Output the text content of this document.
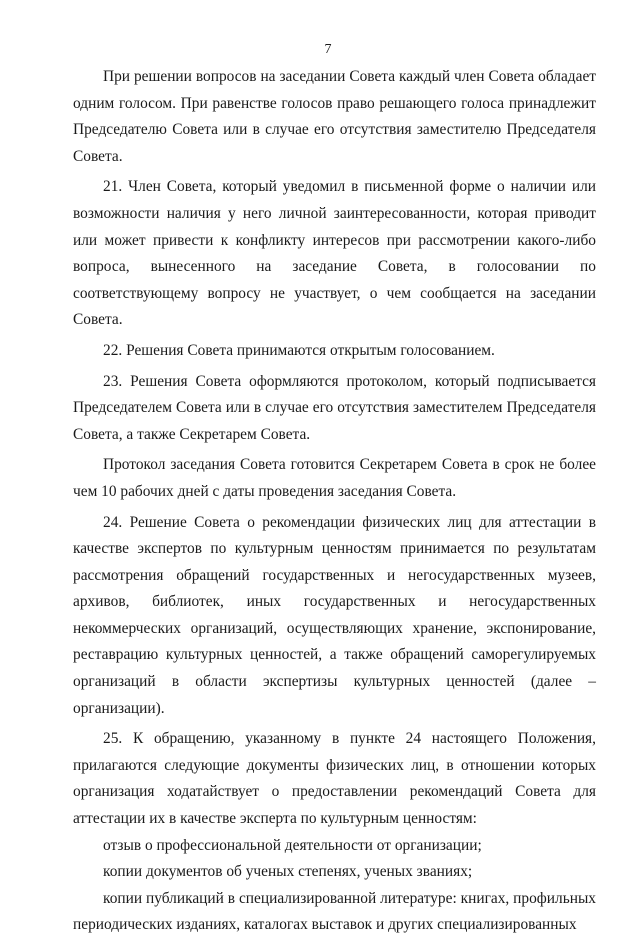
7

При решении вопросов на заседании Совета каждый член Совета обладает одним голосом. При равенстве голосов право решающего голоса принадлежит Председателю Совета или в случае его отсутствия заместителю Председателя Совета.

21. Член Совета, который уведомил в письменной форме о наличии или возможности наличия у него личной заинтересованности, которая приводит или может привести к конфликту интересов при рассмотрении какого-либо вопроса, вынесенного на заседание Совета, в голосовании по соответствующему вопросу не участвует, о чем сообщается на заседании Совета.

22. Решения Совета принимаются открытым голосованием.

23. Решения Совета оформляются протоколом, который подписывается Председателем Совета или в случае его отсутствия заместителем Председателя Совета, а также Секретарем Совета.

Протокол заседания Совета готовится Секретарем Совета в срок не более чем 10 рабочих дней с даты проведения заседания Совета.

24. Решение Совета о рекомендации физических лиц для аттестации в качестве экспертов по культурным ценностям принимается по результатам рассмотрения обращений государственных и негосударственных музеев, архивов, библиотек, иных государственных и негосударственных некоммерческих организаций, осуществляющих хранение, экспонирование, реставрацию культурных ценностей, а также обращений саморегулируемых организаций в области экспертизы культурных ценностей (далее – организации).

25. К обращению, указанному в пункте 24 настоящего Положения, прилагаются следующие документы физических лиц, в отношении которых организация ходатайствует о предоставлении рекомендаций Совета для аттестации их в качестве эксперта по культурным ценностям:

отзыв о профессиональной деятельности от организации;

копии документов об ученых степенях, ученых званиях;

копии публикаций в специализированной литературе: книгах, профильных периодических изданиях, каталогах выставок и других специализированных
